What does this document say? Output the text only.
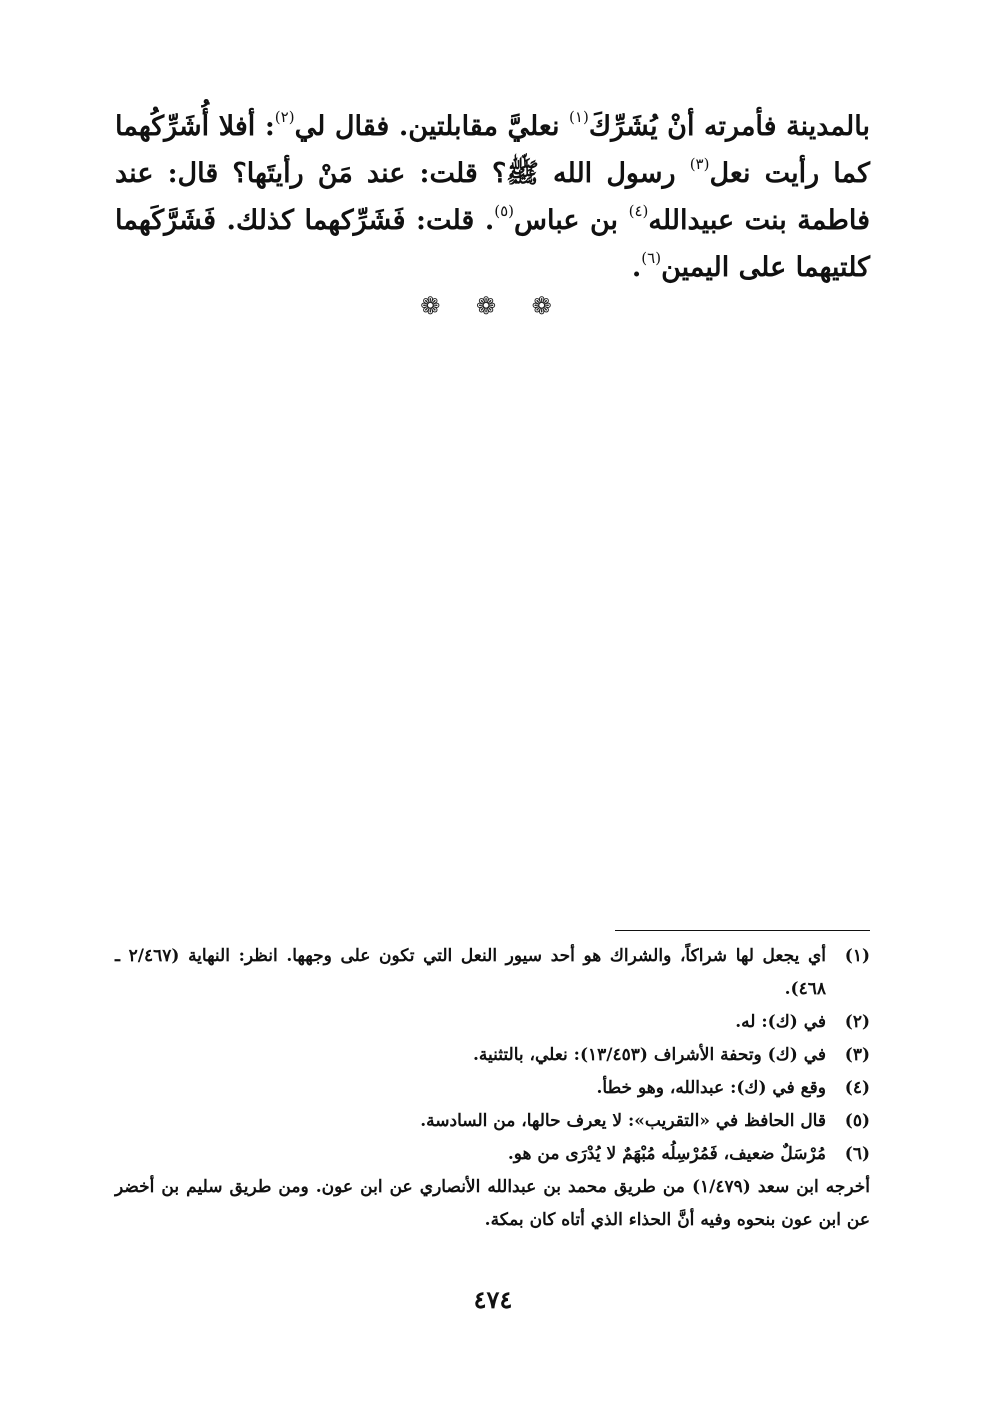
بالمدينة فأمرته أنْ يُشَرِّكَ$^{(١)}$ نعليَّ مقابلتين. فقال لي$^{(٢)}$: أفلا أُشَرِّكُهما كما رأيت نعل$^{(٣)}$ رسول الله ﷺ؟ قلت: عند مَنْ رأيتَها؟ قال: عند فاطمة بنت عبيدالله$^{(٤)}$ بن عباس$^{(٥)}$. قلت: فَشَرِّكهما كذلك. فَشَرَّكَهما كلتيهما على اليمين$^{(٦)}$.

❁ ❁ ❁
(١)
أي يجعل لها شراكاً، والشراك هو أحد سيور النعل التي تكون على وجهها. انظر: النهاية (٢/٤٦٧ ـ ٤٦٨).
(٢)
في (ك): له.
(٣)
في (ك) وتحفة الأشراف (١٣/٤٥٣): نعلي، بالتثنية.
(٤)
وقع في (ك): عبدالله، وهو خطأ.
(٥)
قال الحافظ في «التقريب»: لا يعرف حالها، من السادسة.
(٦)
مُرْسَلٌ ضعيف، فَمُرْسِلُه مُبْهَمٌ لا يُدْرَى من هو.
أخرجه ابن سعد (١/٤٧٩) من طريق محمد بن عبدالله الأنصاري عن ابن عون. ومن طريق سليم بن أخضر عن ابن عون بنحوه وفيه أنَّ الحذاء الذي أتاه كان بمكة.
٤٧٤
